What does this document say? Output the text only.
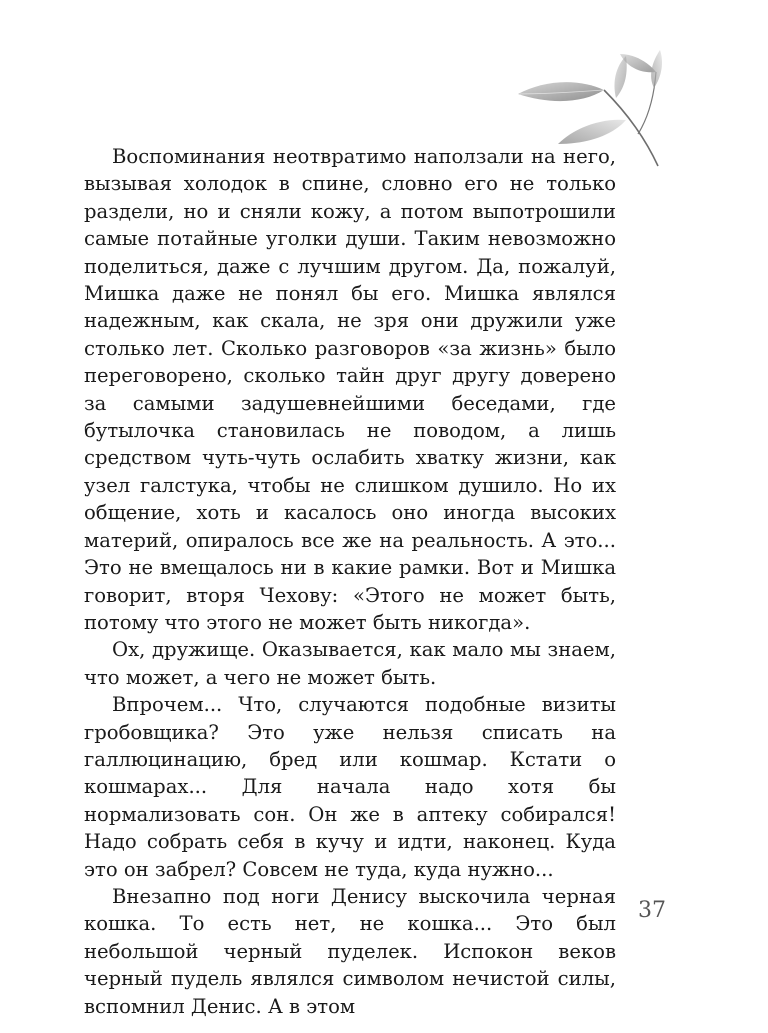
Воспоминания неотвратимо наползали на него, вызывая холодок в спине, словно его не только раздели, но и сняли кожу, а потом выпотрошили самые потайные уголки души. Таким невозможно поделиться, даже с лучшим другом. Да, пожалуй, Мишка даже не понял бы его. Мишка являлся надежным, как скала, не зря они дружили уже столько лет. Сколько разговоров «за жизнь» было переговорено, сколько тайн друг другу доверено за самыми задушевнейшими беседами, где бутылочка становилась не поводом, а лишь средством чуть-чуть ослабить хватку жизни, как узел галстука, чтобы не слишком душило. Но их общение, хоть и касалось оно иногда высоких материй, опиралось все же на реальность. А это... Это не вмещалось ни в какие рамки. Вот и Мишка говорит, вторя Чехову: «Этого не может быть, потому что этого не может быть никогда».

Ох, дружище. Оказывается, как мало мы знаем, что может, а чего не может быть.

Впрочем... Что, случаются подобные визиты гробовщика? Это уже нельзя списать на галлюцинацию, бред или кошмар. Кстати о кошмарах... Для начала надо хотя бы нормализовать сон. Он же в аптеку собирался! Надо собрать себя в кучу и идти, наконец. Куда это он забрел? Совсем не туда, куда нужно...

Внезапно под ноги Денису выскочила черная кошка. То есть нет, не кошка... Это был небольшой черный пуделек. Испокон веков черный пудель являлся символом нечистой силы, вспомнил Денис. А в этом

37
